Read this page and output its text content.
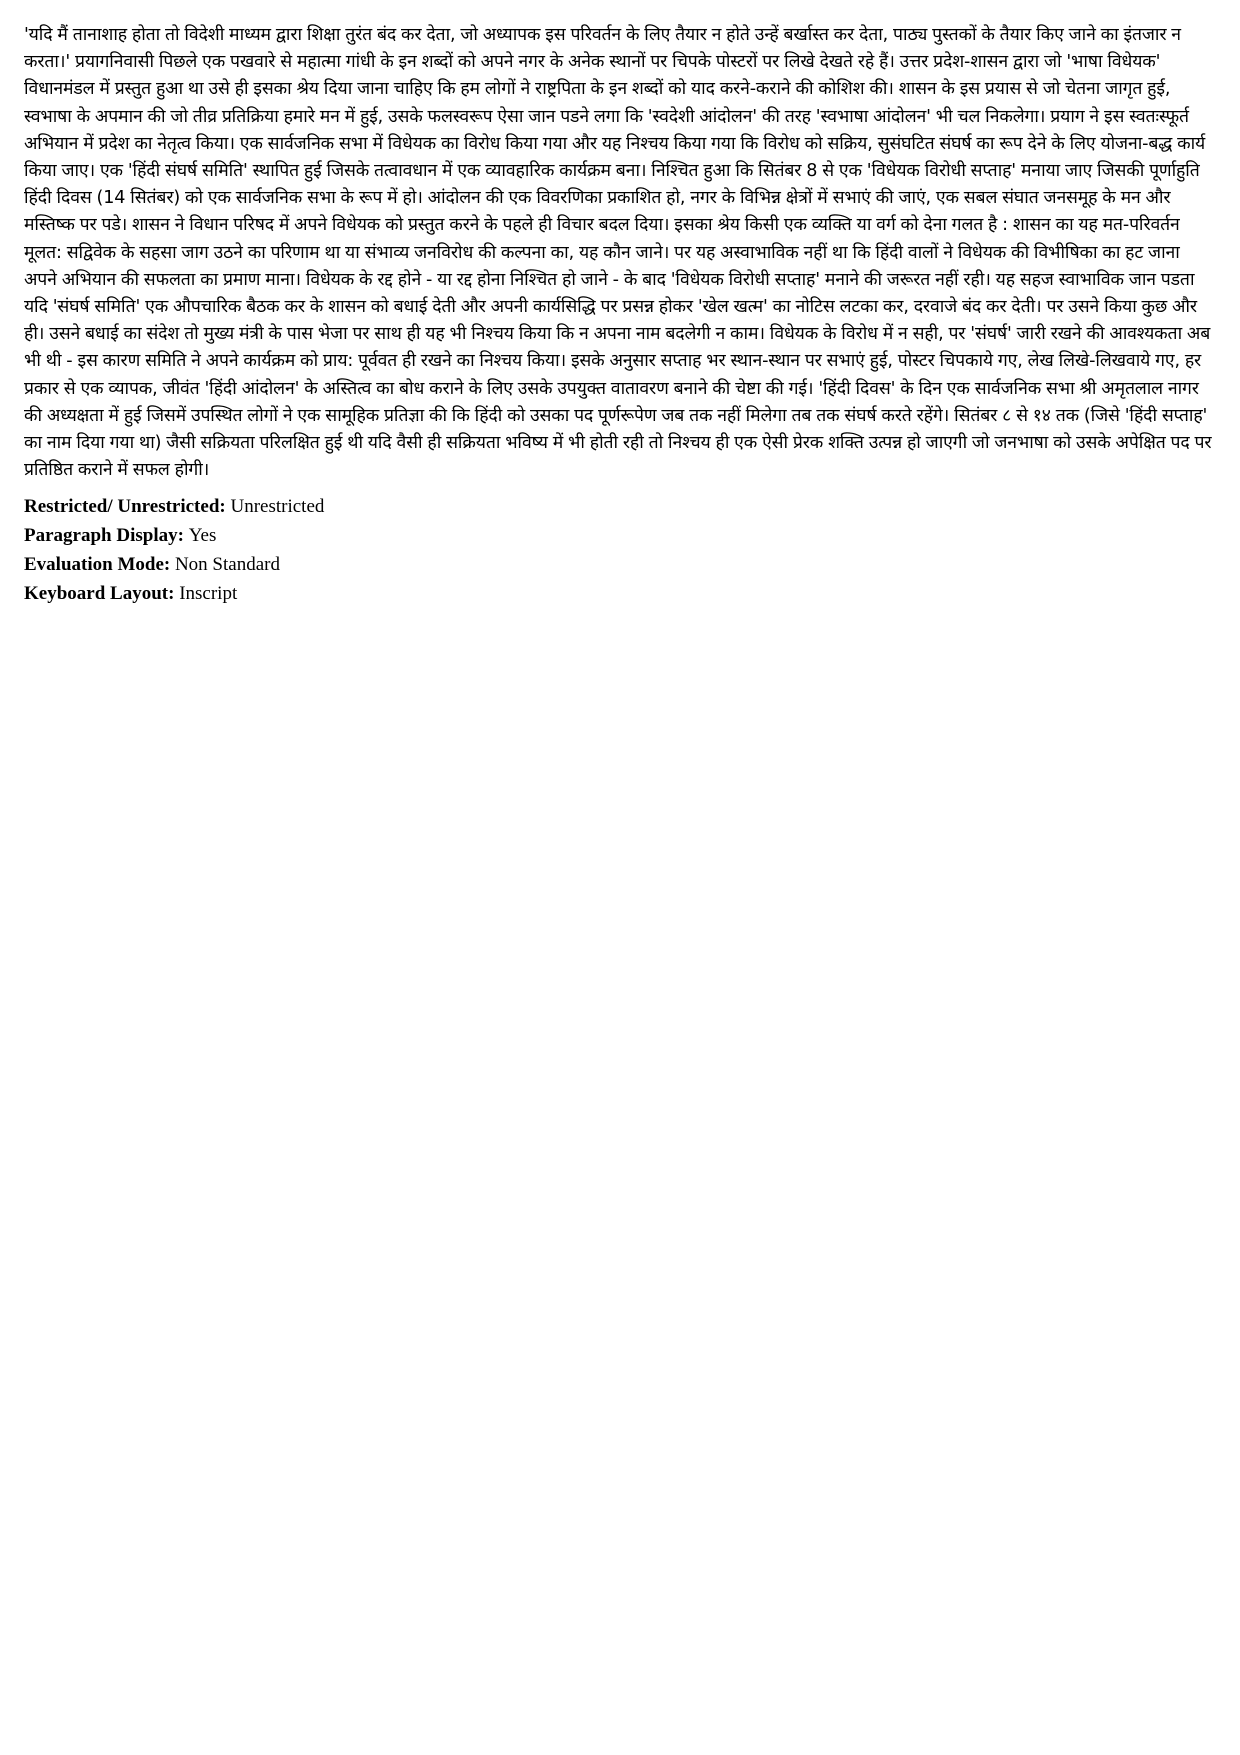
'यदि मैं तानाशाह होता तो विदेशी माध्यम द्वारा शिक्षा तुरंत बंद कर देता, जो अध्यापक इस परिवर्तन के लिए तैयार न होते उन्हें बर्खास्त कर देता, पाठ्य पुस्तकों के तैयार किए जाने का इंतजार न करता।' प्रयागनिवासी पिछले एक पखवारे से महात्मा गांधी के इन शब्दों को अपने नगर के अनेक स्थानों पर चिपके पोस्टरों पर लिखे देखते रहे हैं। उत्तर प्रदेश-शासन द्वारा जो 'भाषा विधेयक' विधानमंडल में प्रस्तुत हुआ था उसे ही इसका श्रेय दिया जाना चाहिए कि हम लोगों ने राष्ट्रपिता के इन शब्दों को याद करने-कराने की कोशिश की। शासन के इस प्रयास से जो चेतना जागृत हुई, स्वभाषा के अपमान की जो तीव्र प्रतिक्रिया हमारे मन में हुई, उसके फलस्वरूप ऐसा जान पडने लगा कि 'स्वदेशी आंदोलन' की तरह 'स्वभाषा आंदोलन' भी चल निकलेगा। प्रयाग ने इस स्वतःस्फूर्त अभियान में प्रदेश का नेतृत्व किया। एक सार्वजनिक सभा में विधेयक का विरोध किया गया और यह निश्चय किया गया कि विरोध को सक्रिय, सुसंघटित संघर्ष का रूप देने के लिए योजना-बद्ध कार्य किया जाए। एक 'हिंदी संघर्ष समिति' स्थापित हुई जिसके तत्वावधान में एक व्यावहारिक कार्यक्रम बना। निश्चित हुआ कि सितंबर 8 से एक 'विधेयक विरोधी सप्ताह' मनाया जाए जिसकी पूर्णाहुति हिंदी दिवस (14 सितंबर) को एक सार्वजनिक सभा के रूप में हो। आंदोलन की एक विवरणिका प्रकाशित हो, नगर के विभिन्न क्षेत्रों में सभाएं की जाएं, एक सबल संघात जनसमूह के मन और मस्तिष्क पर पडे। शासन ने विधान परिषद में अपने विधेयक को प्रस्तुत करने के पहले ही विचार बदल दिया। इसका श्रेय किसी एक व्यक्ति या वर्ग को देना गलत है : शासन का यह मत-परिवर्तन मूलत: सद्विवेक के सहसा जाग उठने का परिणाम था या संभाव्य जनविरोध की कल्पना का, यह कौन जाने। पर यह अस्वाभाविक नहीं था कि हिंदी वालों ने विधेयक की विभीषिका का हट जाना अपने अभियान की सफलता का प्रमाण माना। विधेयक के रद्द होने - या रद्द होना निश्चित हो जाने - के बाद 'विधेयक विरोधी सप्ताह' मनाने की जरूरत नहीं रही। यह सहज स्वाभाविक जान पडता यदि 'संघर्ष समिति' एक औपचारिक बैठक कर के शासन को बधाई देती और अपनी कार्यसिद्धि पर प्रसन्न होकर 'खेल खत्म' का नोटिस लटका कर, दरवाजे बंद कर देती। पर उसने किया कुछ और ही। उसने बधाई का संदेश तो मुख्य मंत्री के पास भेजा पर साथ ही यह भी निश्चय किया कि न अपना नाम बदलेगी न काम। विधेयक के विरोध में न सही, पर 'संघर्ष' जारी रखने की आवश्यकता अब भी थी - इस कारण समिति ने अपने कार्यक्रम को प्राय: पूर्ववत ही रखने का निश्चय किया। इसके अनुसार सप्ताह भर स्थान-स्थान पर सभाएं हुई, पोस्टर चिपकाये गए, लेख लिखे-लिखवाये गए, हर प्रकार से एक व्यापक, जीवंत 'हिंदी आंदोलन' के अस्तित्व का बोध कराने के लिए उसके उपयुक्त वातावरण बनाने की चेष्टा की गई। 'हिंदी दिवस' के दिन एक सार्वजनिक सभा श्री अमृतलाल नागर की अध्यक्षता में हुई जिसमें उपस्थित लोगों ने एक सामूहिक प्रतिज्ञा की कि हिंदी को उसका पद पूर्णरूपेण जब तक नहीं मिलेगा तब तक संघर्ष करते रहेंगे। सितंबर ८ से १४ तक (जिसे 'हिंदी सप्ताह' का नाम दिया गया था) जैसी सक्रियता परिलक्षित हुई थी यदि वैसी ही सक्रियता भविष्य में भी होती रही तो निश्चय ही एक ऐसी प्रेरक शक्ति उत्पन्न हो जाएगी जो जनभाषा को उसके अपेक्षित पद पर प्रतिष्ठित कराने में सफल होगी।

Restricted/ Unrestricted: Unrestricted
Paragraph Display: Yes
Evaluation Mode: Non Standard
Keyboard Layout: Inscript
